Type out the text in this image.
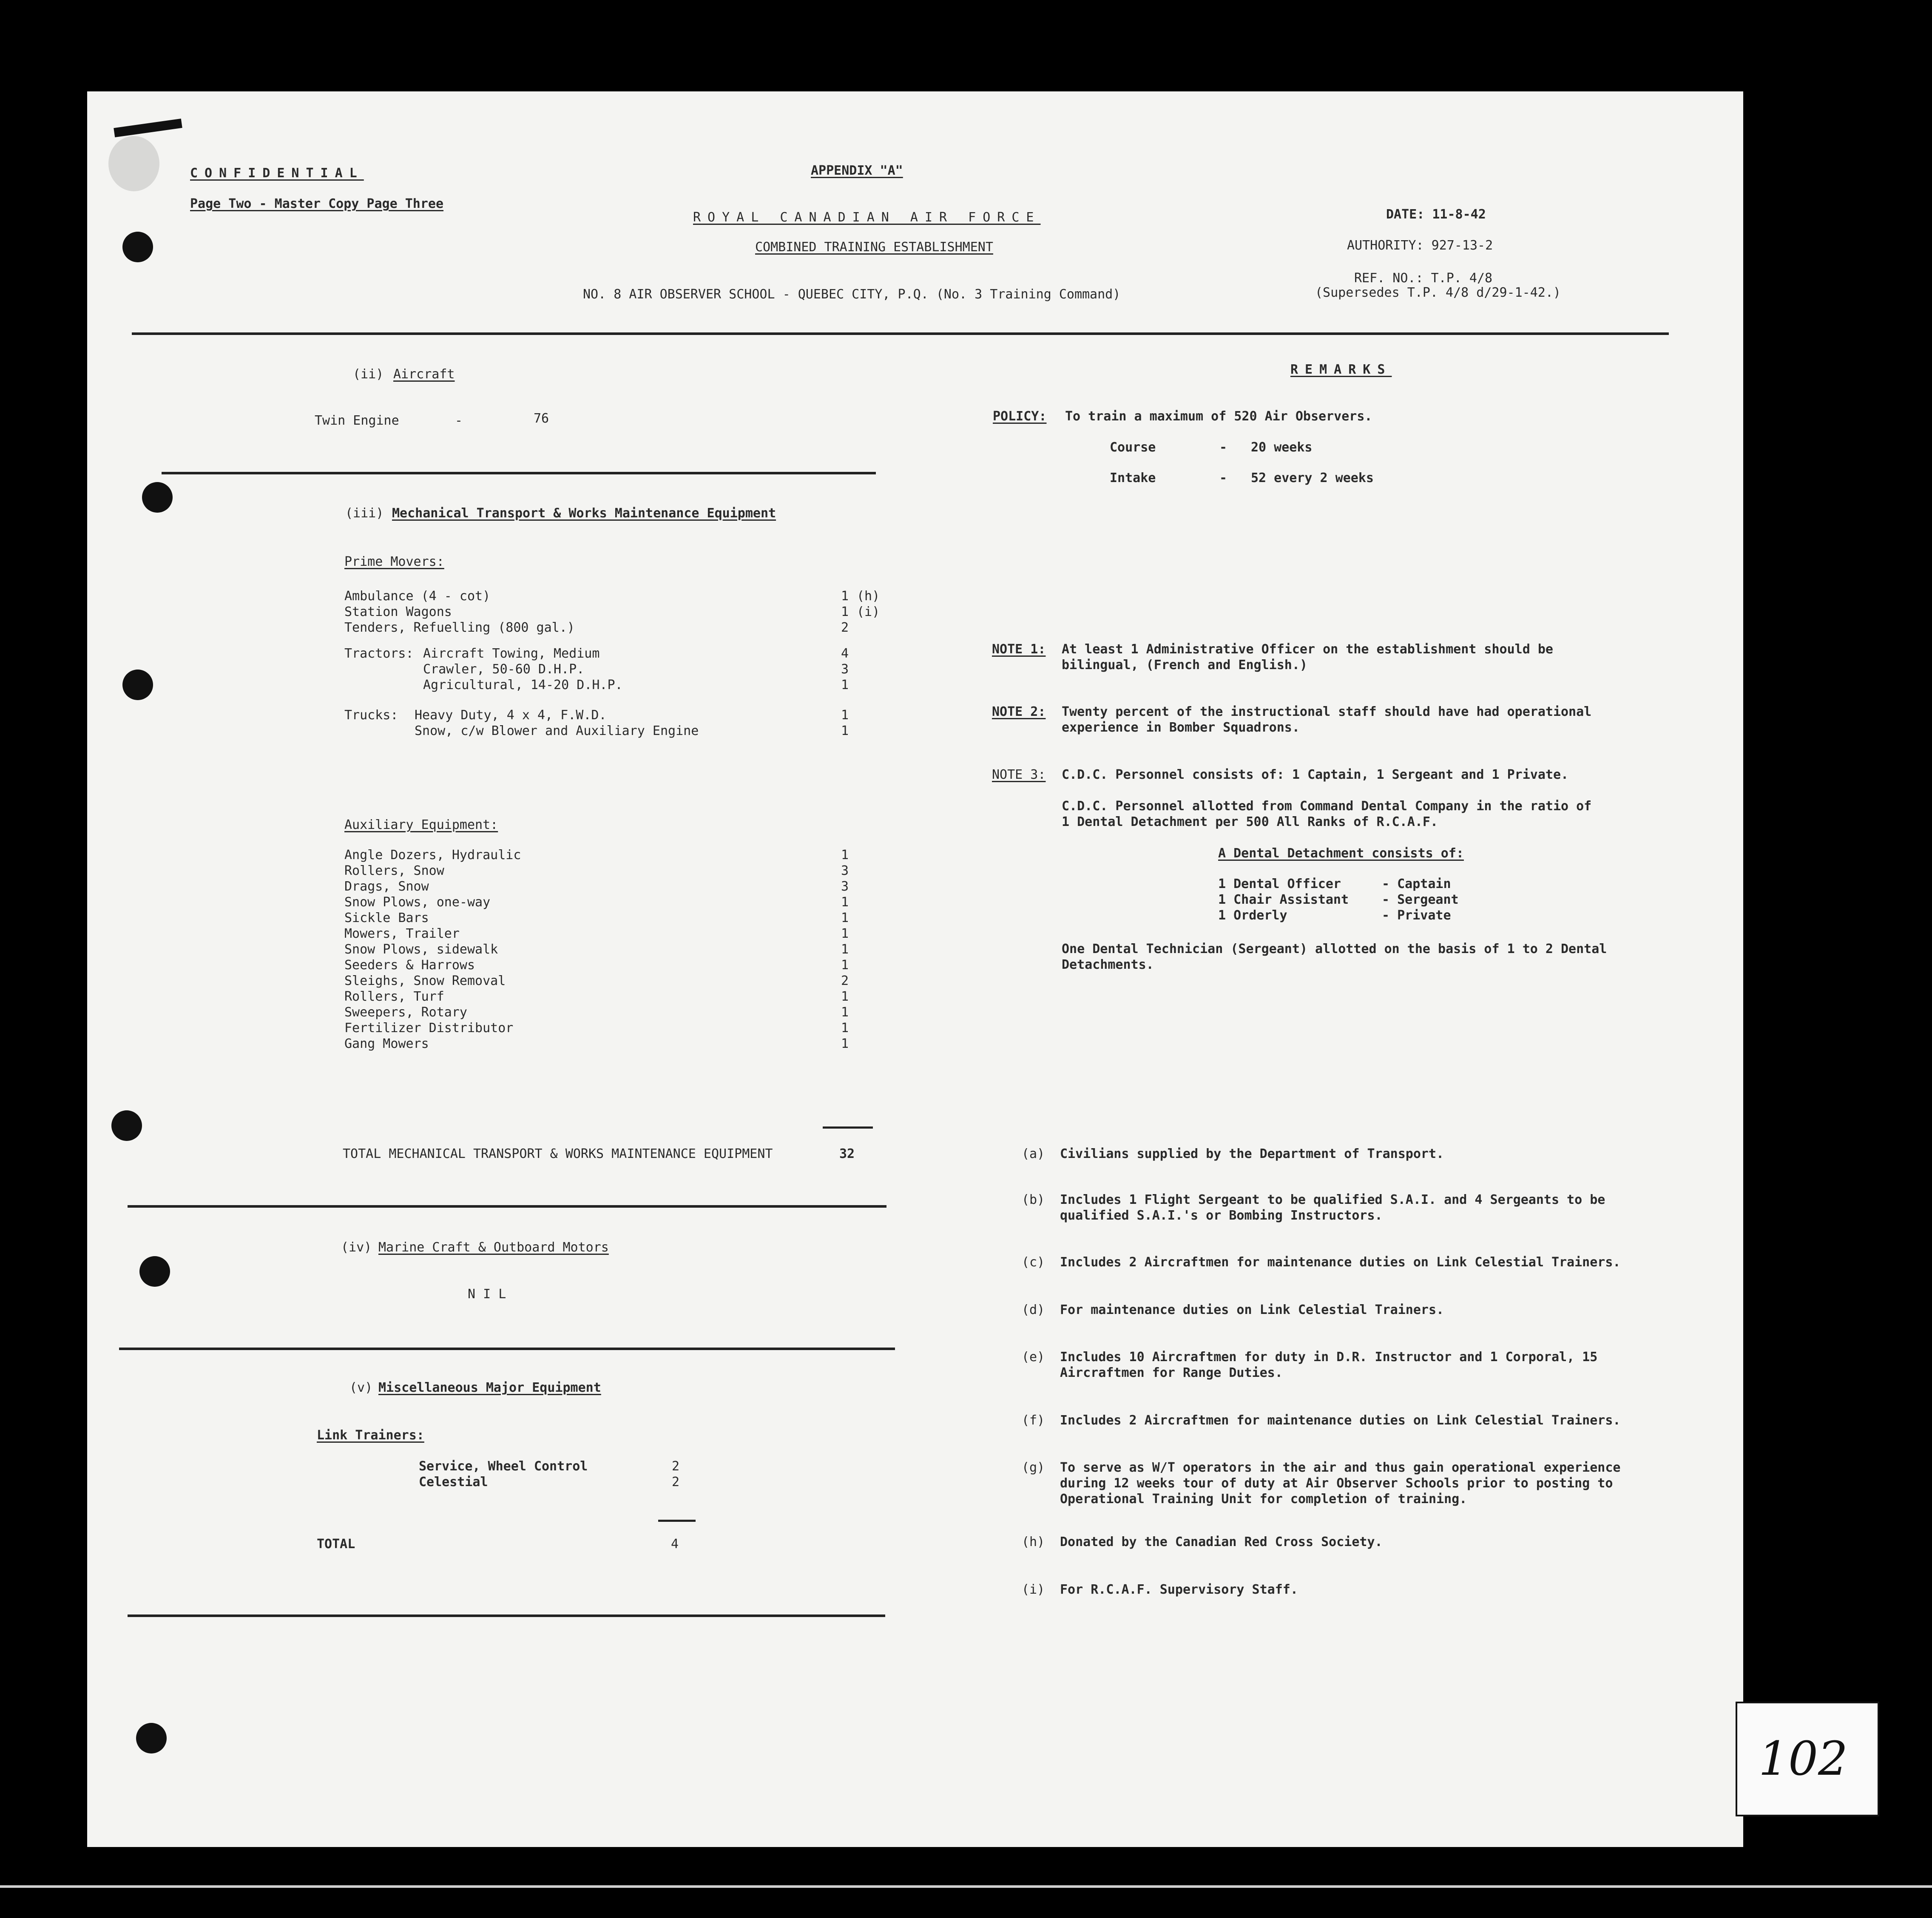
APPENDIX "A"
CONFIDENTIAL
Page Two - Master Copy Page Three
ROYAL CANADIAN AIR FORCE
COMBINED TRAINING ESTABLISHMENT
NO. 8 AIR OBSERVER SCHOOL - QUEBEC CITY, P.Q. (No. 3 Training Command)
DATE: 11-8-42
AUTHORITY: 927-13-2
REF. NO.: T.P. 4/8
(Supersedes T.P. 4/8 d/29-1-42.)
(ii) Aircraft
Twin Engine	-	76
(iii) Mechanical Transport & Works Maintenance Equipment
Prime Movers:
Ambulance (4 - cot)	1 (h)
Station Wagons	1 (i)
Tenders, Refuelling (800 gal.)	2
Tractors: Aircraft Towing, Medium	4
Crawler, 50-60 D.H.P.	3
Agricultural, 14-20 D.H.P.	1
Trucks: Heavy Duty, 4 x 4, F.W.D.	1
Snow, c/w Blower and Auxiliary Engine	1
Auxiliary Equipment:
Angle Dozers, Hydraulic	1
Rollers, Snow	3
Drags, Snow	3
Snow Plows, one-way	1
Sickle Bars	1
Mowers, Trailer	1
Snow Plows, sidewalk	1
Seeders & Harrows	1
Sleighs, Snow Removal	2
Rollers, Turf	1
Sweepers, Rotary	1
Fertilizer Distributor	1
Gang Mowers	1
TOTAL MECHANICAL TRANSPORT & WORKS MAINTENANCE EQUIPMENT	32
(iv) Marine Craft & Outboard Motors
N I L
(v) Miscellaneous Major Equipment
Link Trainers:
Service, Wheel Control	2
Celestial	2
TOTAL	4
REMARKS
POLICY: To train a maximum of 520 Air Observers.
Course	- 20 weeks
Intake	- 52 every 2 weeks
NOTE 1: At least 1 Administrative Officer on the establishment should be
bilingual, (French and English.)
NOTE 2: Twenty percent of the instructional staff should have had operational
experience in Bomber Squadrons.
NOTE 3: C.D.C. Personnel consists of: 1 Captain, 1 Sergeant and 1 Private.
C.D.C. Personnel allotted from Command Dental Company in the ratio of
1 Dental Detachment per 500 All Ranks of R.C.A.F.
A Dental Detachment consists of:
1 Dental Officer	- Captain
1 Chair Assistant	- Sergeant
1 Orderly	- Private
One Dental Technician (Sergeant) allotted on the basis of 1 to 2 Dental
Detachments.
(a) Civilians supplied by the Department of Transport.
(b) Includes 1 Flight Sergeant to be qualified S.A.I. and 4 Sergeants to be
qualified S.A.I.'s or Bombing Instructors.
(c) Includes 2 Aircraftmen for maintenance duties on Link Celestial Trainers.
(d) For maintenance duties on Link Celestial Trainers.
(e) Includes 10 Aircraftmen for duty in D.R. Instructor and 1 Corporal, 15
Aircraftmen for Range Duties.
(f) Includes 2 Aircraftmen for maintenance duties on Link Celestial Trainers.
(g) To serve as W/T operators in the air and thus gain operational experience
during 12 weeks tour of duty at Air Observer Schools prior to posting to
Operational Training Unit for completion of training.
(h) Donated by the Canadian Red Cross Society.
(i) For R.C.A.F. Supervisory Staff.
102
